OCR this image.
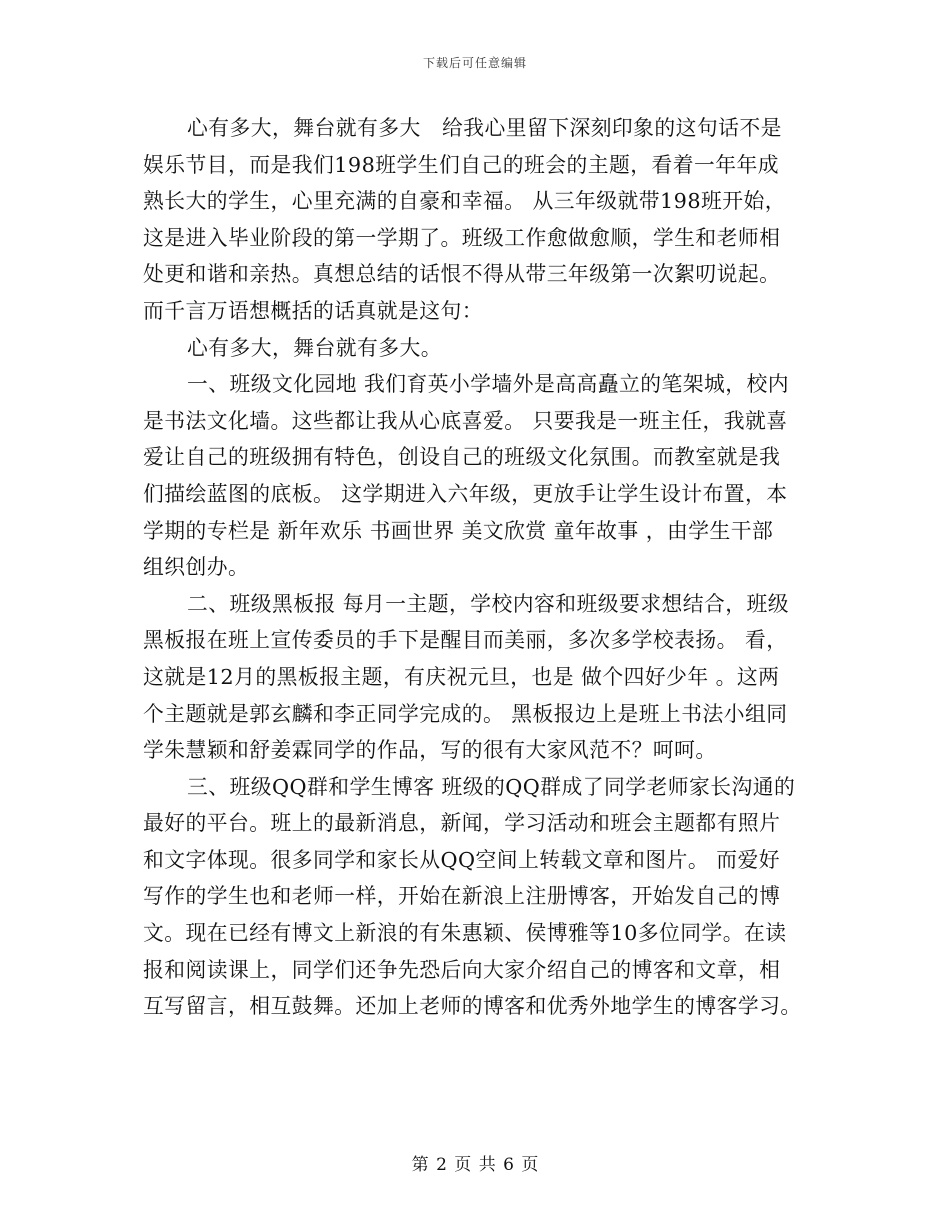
下载后可任意编辑
心有多大，舞台就有多大　给我心里留下深刻印象的这句话不是
娱乐节目，而是我们198班学生们自己的班会的主题，看着一年年成
熟长大的学生，心里充满的自豪和幸福。 从三年级就带198班开始，
这是进入毕业阶段的第一学期了。班级工作愈做愈顺，学生和老师相
处更和谐和亲热。真想总结的话恨不得从带三年级第一次絮叨说起。
而千言万语想概括的话真就是这句：
心有多大，舞台就有多大。
一、班级文化园地 我们育英小学墙外是高高矗立的笔架城，校内
是书法文化墙。这些都让我从心底喜爱。 只要我是一班主任，我就喜
爱让自己的班级拥有特色，创设自己的班级文化氛围。而教室就是我
们描绘蓝图的底板。 这学期进入六年级，更放手让学生设计布置，本
学期的专栏是 新年欢乐 书画世界 美文欣赏 童年故事 ，由学生干部
组织创办。
二、班级黑板报 每月一主题，学校内容和班级要求想结合，班级
黑板报在班上宣传委员的手下是醒目而美丽，多次多学校表扬。 看，
这就是12月的黑板报主题，有庆祝元旦，也是 做个四好少年 。这两
个主题就是郭玄麟和李正同学完成的。 黑板报边上是班上书法小组同
学朱慧颖和舒姜霖同学的作品，写的很有大家风范不？呵呵。
三、班级QQ群和学生博客 班级的QQ群成了同学老师家长沟通的
最好的平台。班上的最新消息，新闻，学习活动和班会主题都有照片
和文字体现。很多同学和家长从QQ空间上转载文章和图片。 而爱好
写作的学生也和老师一样，开始在新浪上注册博客，开始发自己的博
文。现在已经有博文上新浪的有朱惠颖、侯博雅等10多位同学。在读
报和阅读课上，同学们还争先恐后向大家介绍自己的博客和文章，相
互写留言，相互鼓舞。还加上老师的博客和优秀外地学生的博客学习。
第 2 页 共 6 页
